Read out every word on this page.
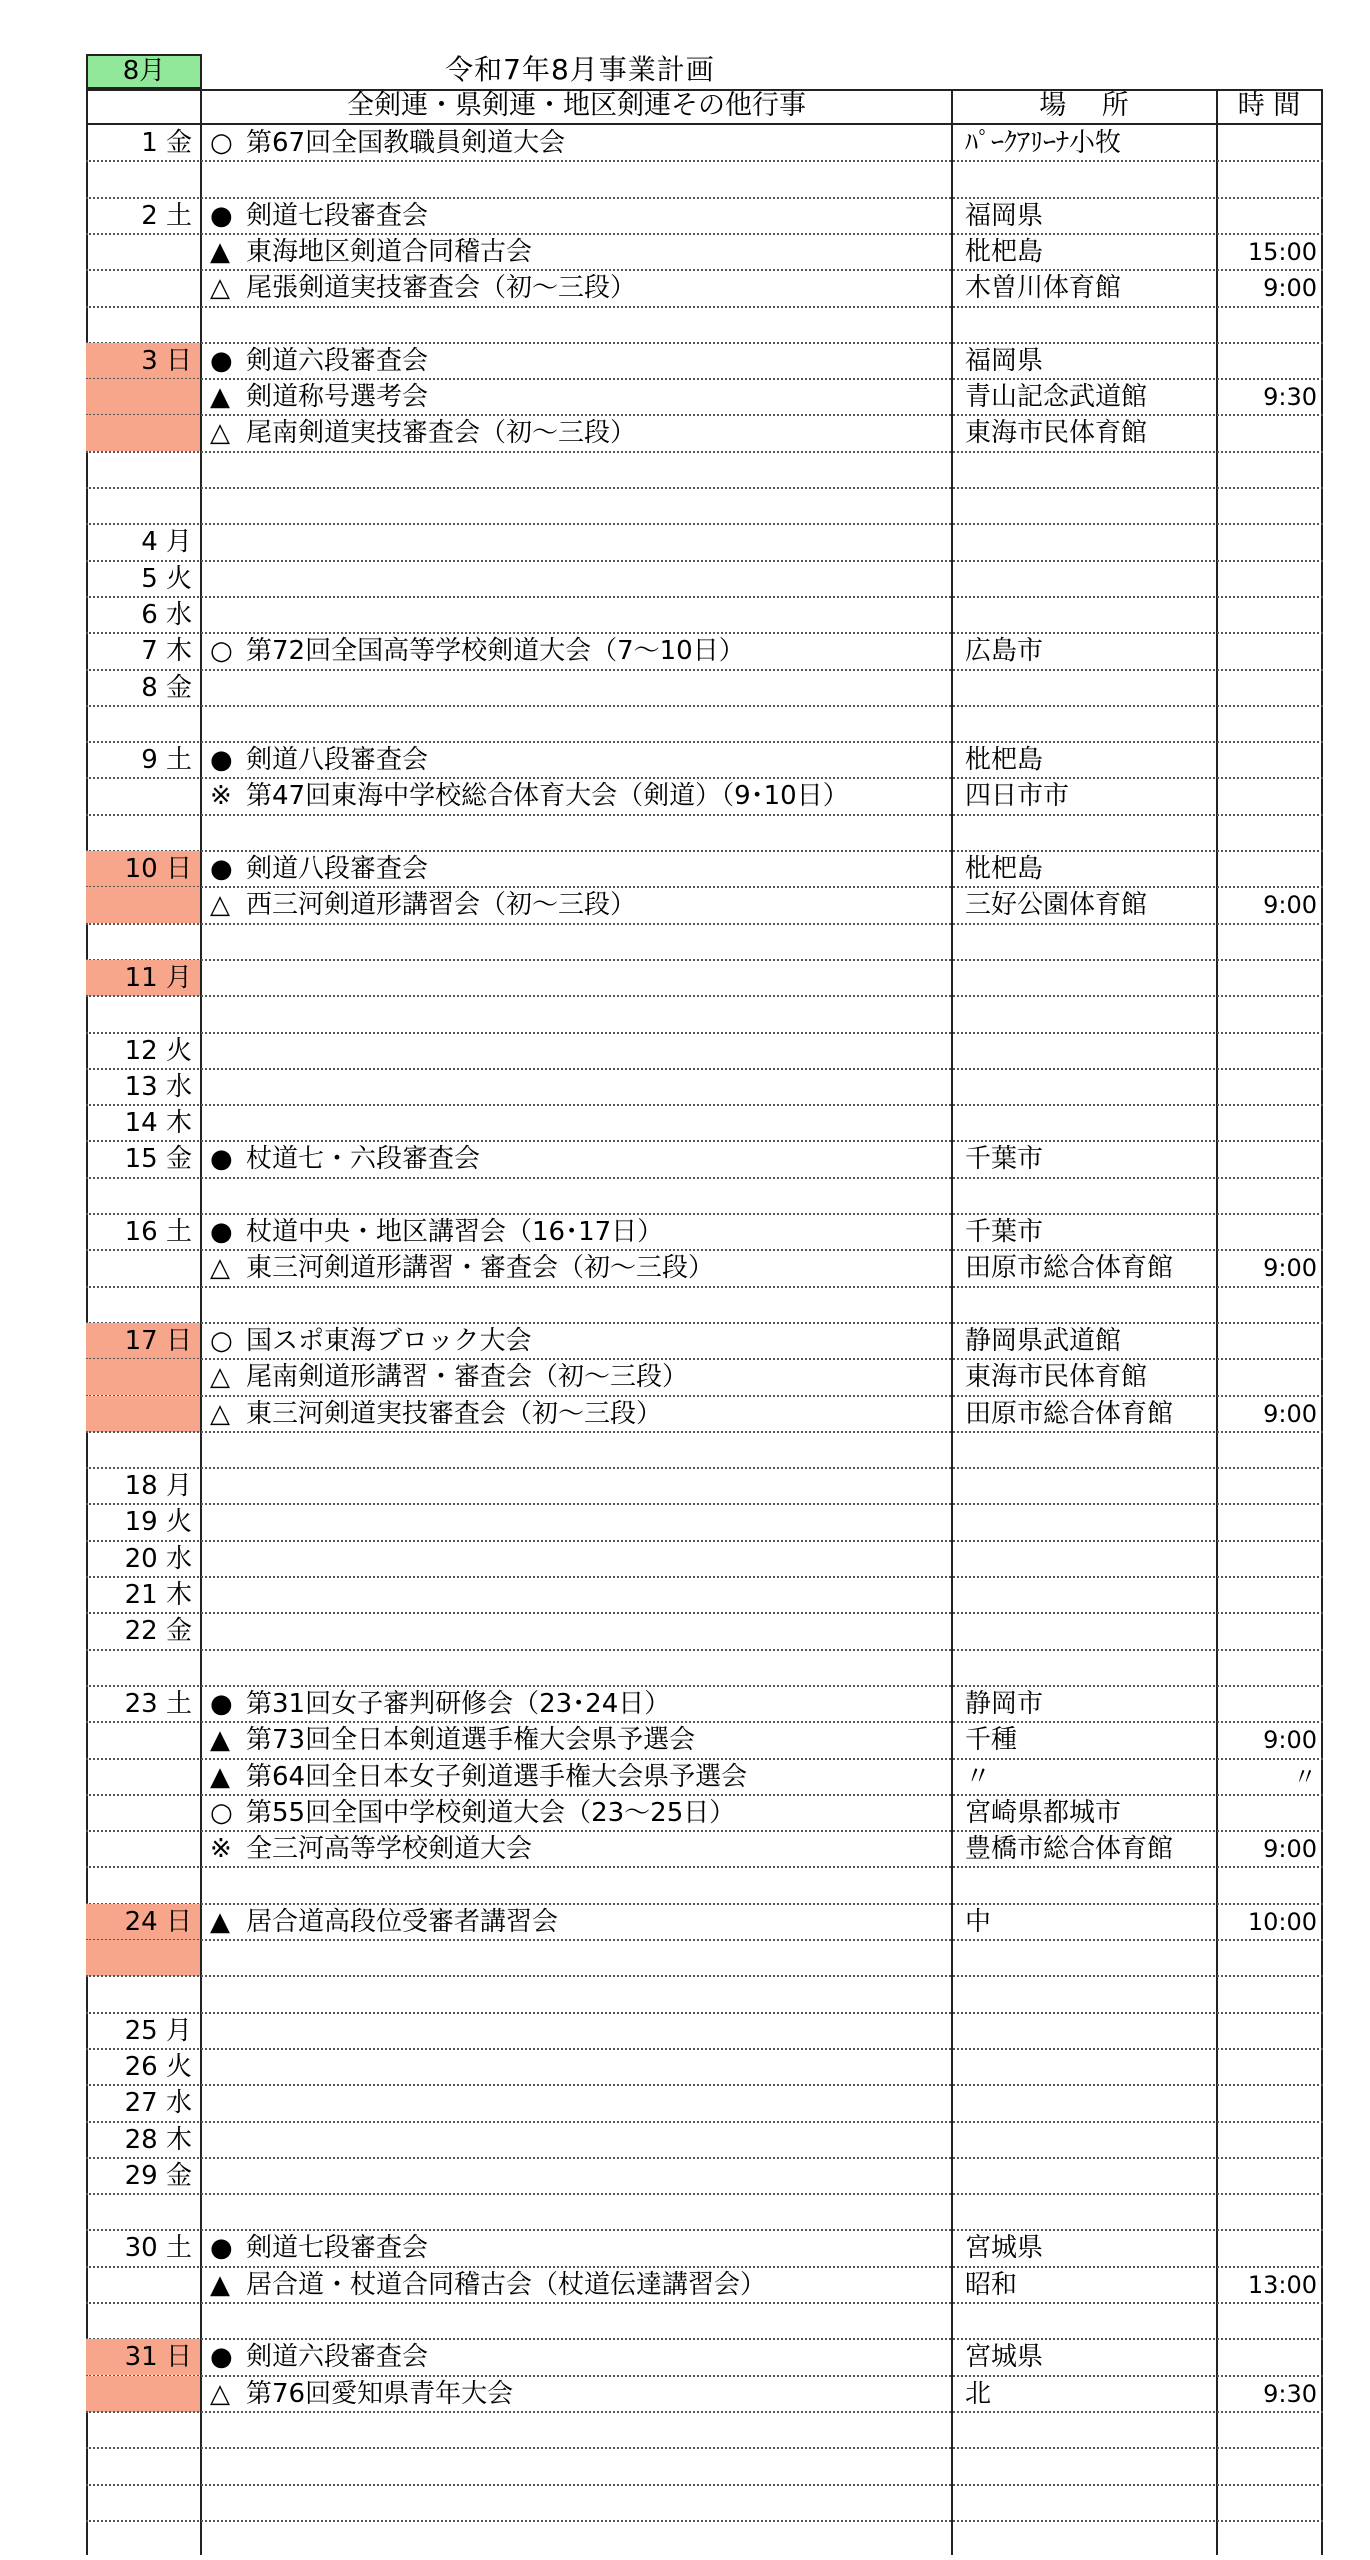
8月	令和7年8月事業計画
全剣連・県剣連・地区剣連その他行事	場　 所	時 間
1 金 ○ 第67回全国教職員剣道大会	ﾊﾟｰｸｱﾘｰﾅ小牧
2 土 ● 剣道七段審査会	福岡県
▲ 東海地区剣道合同稽古会	枇杷島	15:00
△ 尾張剣道実技審査会（初～三段）	木曽川体育館	9:00
3 日 ● 剣道六段審査会	福岡県
▲ 剣道称号選考会	青山記念武道館	9:30
△ 尾南剣道実技審査会（初～三段）	東海市民体育館
4 月
5 火
6 水
7 木 ○ 第72回全国高等学校剣道大会（7～10日）	広島市
8 金
9 土 ● 剣道八段審査会	枇杷島
※ 第47回東海中学校総合体育大会（剣道）（9･10日）	四日市市
10 日 ● 剣道八段審査会	枇杷島
△ 西三河剣道形講習会（初～三段）	三好公園体育館	9:00
11 月
12 火
13 水
14 木
15 金 ● 杖道七・六段審査会	千葉市
16 土 ● 杖道中央・地区講習会（16･17日）	千葉市
△ 東三河剣道形講習・審査会（初～三段）	田原市総合体育館	9:00
17 日 ○ 国スポ東海ブロック大会	静岡県武道館
△ 尾南剣道形講習・審査会（初～三段）	東海市民体育館
△ 東三河剣道実技審査会（初～三段）	田原市総合体育館	9:00
18 月
19 火
20 水
21 木
22 金
23 土 ● 第31回女子審判研修会（23･24日）	静岡市
▲ 第73回全日本剣道選手権大会県予選会	千種	9:00
▲ 第64回全日本女子剣道選手権大会県予選会	〃	〃
○ 第55回全国中学校剣道大会（23～25日）	宮崎県都城市
※ 全三河高等学校剣道大会	豊橋市総合体育館	9:00
24 日 ▲ 居合道高段位受審者講習会	中	10:00
25 月
26 火
27 水
28 木
29 金
30 土 ● 剣道七段審査会	宮城県
▲ 居合道・杖道合同稽古会（杖道伝達講習会）	昭和	13:00
31 日 ● 剣道六段審査会	宮城県
△ 第76回愛知県青年大会	北	9:30
